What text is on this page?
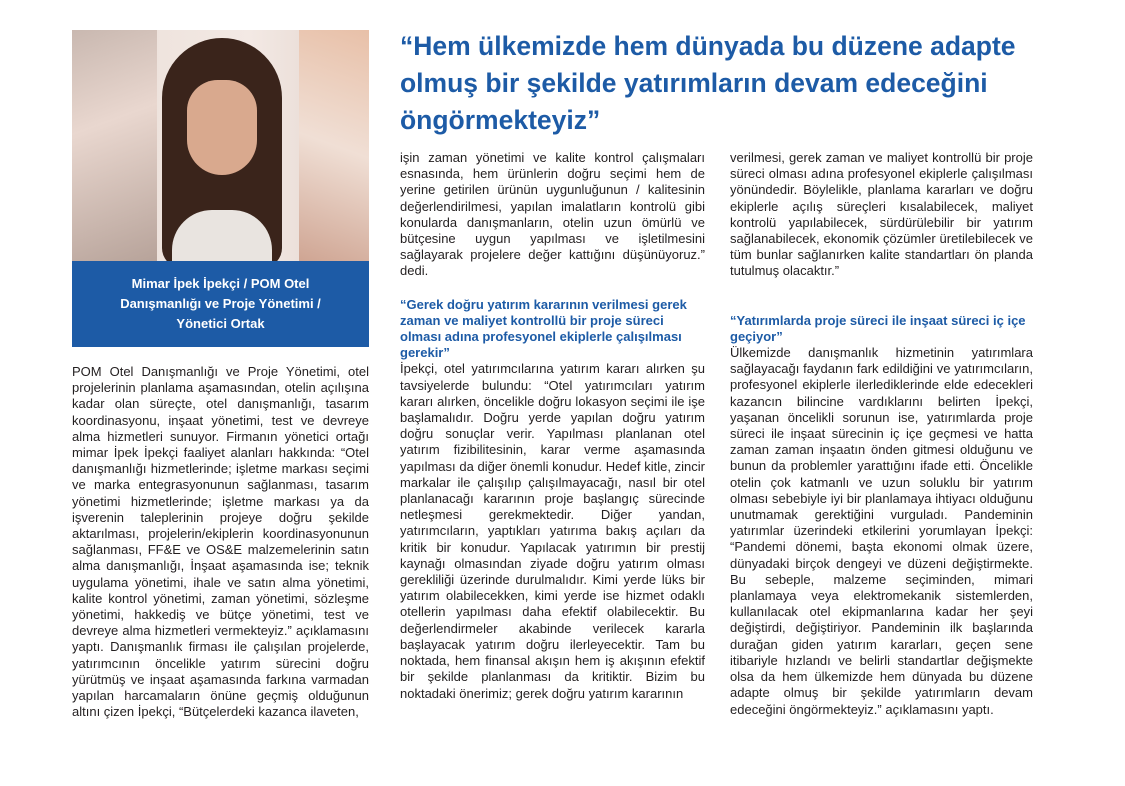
Mimar İpek İpekçi / POM Otel
Danışmanlığı ve Proje Yönetimi /
Yönetici Ortak
“Hem ülkemizde hem dünyada bu düzene adapte olmuş bir şekilde yatırımların devam edeceğini öngörmekteyiz”

POM Otel Danışmanlığı ve Proje Yönetimi, otel projelerinin planlama aşamasından, otelin açılışına kadar olan süreçte, otel danışmanlığı, tasarım koordinasyonu, inşaat yönetimi, test ve devreye alma hizmetleri sunuyor. Firmanın yönetici ortağı mimar İpek İpekçi faaliyet alanları hakkında: “Otel danışmanlığı hizmetlerinde; işletme markası seçimi ve marka entegrasyonunun sağlanması, tasarım yönetimi hizmetlerinde; işletme markası ya da işverenin taleplerinin projeye doğru şekilde aktarılması, projelerin/ekiplerin koordinasyonunun sağlanması, FF&E ve OS&E malzemelerinin satın alma danışmanlığı, İnşaat aşamasında ise; teknik uygulama yönetimi, ihale ve satın alma yönetimi, kalite kontrol yönetimi, zaman yönetimi, sözleşme yönetimi, hakkediş ve bütçe yönetimi, test ve devreye alma hizmetleri vermekteyiz.” açıklamasını yaptı. Danışmanlık firması ile çalışılan projelerde, yatırımcının öncelikle yatırım sürecini doğru yürütmüş ve inşaat aşamasında farkına varmadan yapılan harcamaların önüne geçmiş olduğunun altını çizen İpekçi, “Bütçelerdeki kazanca ilaveten,

işin zaman yönetimi ve kalite kontrol çalışmaları esnasında, hem ürünlerin doğru seçimi hem de yerine getirilen ürünün uygunluğunun / kalitesinin değerlendirilmesi, yapılan imalatların kontrolü gibi konularda danışmanların, otelin uzun ömürlü ve bütçesine uygun yapılması ve işletilmesini sağlayarak projelere değer kattığını düşünüyoruz.” dedi.

“Gerek doğru yatırım kararının verilmesi gerek zaman ve maliyet kontrollü bir proje süreci olması adına profesyonel ekiplerle çalışılması gerekir”

İpekçi, otel yatırımcılarına yatırım kararı alırken şu tavsiyelerde bulundu: “Otel yatırımcıları yatırım kararı alırken, öncelikle doğru lokasyon seçimi ile işe başlamalıdır. Doğru yerde yapılan doğru yatırım doğru sonuçlar verir. Yapılması planlanan otel yatırım fizibilitesinin, karar verme aşamasında yapılması da diğer önemli konudur. Hedef kitle, zincir markalar ile çalışılıp çalışılmayacağı, nasıl bir otel planlanacağı kararının proje başlangıç sürecinde netleşmesi gerekmektedir. Diğer yandan, yatırımcıların, yaptıkları yatırıma bakış açıları da kritik bir konudur. Yapılacak yatırımın bir prestij kaynağı olmasından ziyade doğru yatırım olması gerekliliği üzerinde durulmalıdır. Kimi yerde lüks bir yatırım olabilecekken, kimi yerde ise hizmet odaklı otellerin yapılması daha efektif olabilecektir. Bu değerlendirmeler akabinde verilecek kararla başlayacak yatırım doğru ilerleyecektir. Tam bu noktada, hem finansal akışın hem iş akışının efektif bir şekilde planlanması da kritiktir. Bizim bu noktadaki önerimiz; gerek doğru yatırım kararının

verilmesi, gerek zaman ve maliyet kontrollü bir proje süreci olması adına profesyonel ekiplerle çalışılması yönündedir. Böylelikle, planlama kararları ve doğru ekiplerle açılış süreçleri kısalabilecek, maliyet kontrolü yapılabilecek, sürdürülebilir bir yatırım sağlanabilecek, ekonomik çözümler üretilebilecek ve tüm bunlar sağlanırken kalite standartları ön planda tutulmuş olacaktır.”

“Yatırımlarda proje süreci ile inşaat süreci iç içe geçiyor”

Ülkemizde danışmanlık hizmetinin yatırımlara sağlayacağı faydanın fark edildiğini ve yatırımcıların, profesyonel ekiplerle ilerlediklerinde elde edecekleri kazancın bilincine vardıklarını belirten İpekçi, yaşanan öncelikli sorunun ise, yatırımlarda proje süreci ile inşaat sürecinin iç içe geçmesi ve hatta zaman zaman inşaatın önden gitmesi olduğunu ve bunun da problemler yarattığını ifade etti. Öncelikle otelin çok katmanlı ve uzun soluklu bir yatırım olması sebebiyle iyi bir planlamaya ihtiyacı olduğunu unutmamak gerektiğini vurguladı. Pandeminin yatırımlar üzerindeki etkilerini yorumlayan İpekçi: “Pandemi dönemi, başta ekonomi olmak üzere, dünyadaki birçok dengeyi ve düzeni değiştirmekte. Bu sebeple, malzeme seçiminden, mimari planlamaya veya elektromekanik sistemlerden, kullanılacak otel ekipmanlarına kadar her şeyi değiştirdi, değiştiriyor. Pandeminin ilk başlarında durağan giden yatırım kararları, geçen sene itibariyle hızlandı ve belirli standartlar değişmekte olsa da hem ülkemizde hem dünyada bu düzene adapte olmuş bir şekilde yatırımların devam edeceğini öngörmekteyiz.” açıklamasını yaptı.
